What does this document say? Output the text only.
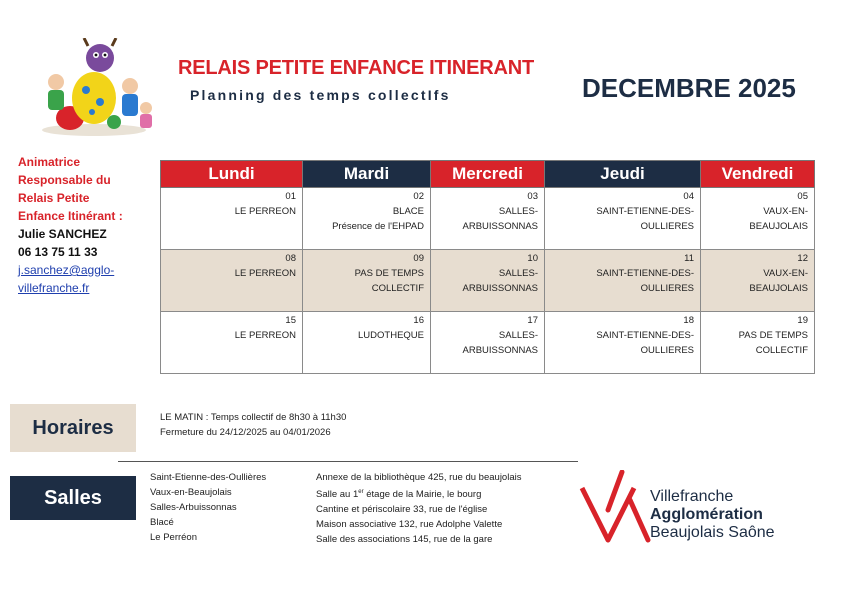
RELAIS PETITE ENFANCE ITINERANT
Planning des temps collectIfs	DECEMBRE 2025
Animatrice
Responsable du
Relais Petite
Enfance Itinérant :
Julie SANCHEZ
06 13 75 11 33
j.sanchez@agglo-
villefranche.fr
Lundi	Mardi	Mercredi	Jeudi	Vendredi

01
LE PERREON	02
BLACE
Présence de l'EHPAD	03
SALLES-
ARBUISSONNAS	04
SAINT-ETIENNE-DES-
OULLIERES	05
VAUX-EN-
BEAUJOLAIS

08
LE PERREON	09
PAS DE TEMPS
COLLECTIF	10
SALLES-
ARBUISSONNAS	11
SAINT-ETIENNE-DES-
OULLIERES	12
VAUX-EN-
BEAUJOLAIS

15
LE PERREON	16
LUDOTHEQUE	17
SALLES-
ARBUISSONNAS	18
SAINT-ETIENNE-DES-
OULLIERES	19
PAS DE TEMPS
COLLECTIF
Horaires	LE MATIN : Temps collectif de 8h30 à 11h30
Fermeture du 24/12/2025 au 04/01/2026
Salles
Saint-Etienne-des-Oullières
Vaux-en-Beaujolais
Salles-Arbuissonnas
Blacé
Le Perréon
Annexe de la bibliothèque 425, rue du beaujolais
Salle au 1er étage de la Mairie, le bourg
Cantine et périscolaire 33, rue de l'église
Maison associative 132, rue Adolphe Valette
Salle des associations 145, rue de la gare
Villefranche
Agglomération
Beaujolais Saône
